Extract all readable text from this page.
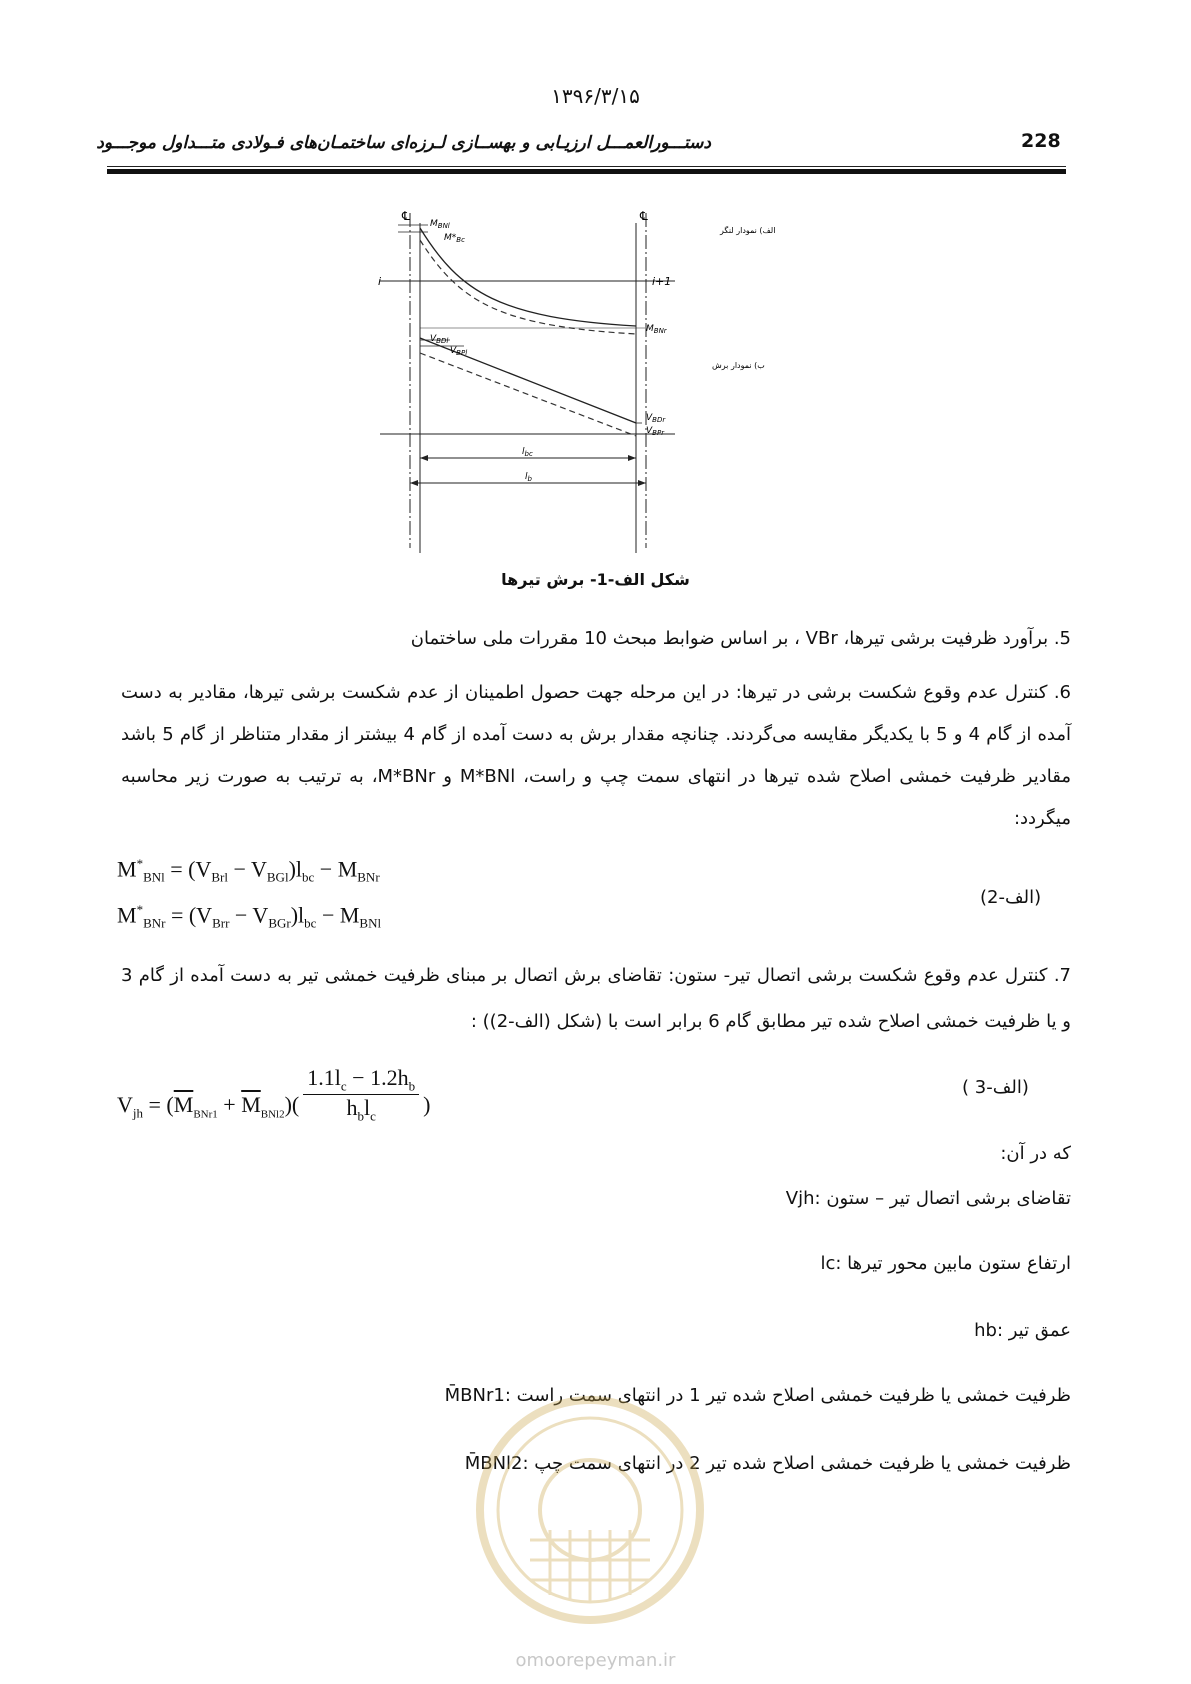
۱۳۹۶/۳/۱۵
دستـــورالعمـــل ارزیـابی و بهســازی لـرزه‌ای ساختمـان‌های فـولادی متـــداول موجـــود	228
℄	℄
i	i+1
$M_{BNl}$
$M*_{Bc}$
$M_{BNr}$
الف) نمودار لنگر
$V_{BDl}$
$V_{BPl}$
ب) نمودار برش
$V_{BDr}$
$V_{BPr}$
$l_{bc}$
$l_b$
شکل الف-1- برش تیرها
5. برآورد ظرفیت برشی تیرها، VBr ، بر اساس ضوابط مبحث 10 مقررات ملی ساختمان
6. کنترل عدم وقوع شکست برشی در تیرها: در این مرحله جهت حصول اطمینان از عدم شکست برشی تیرها، مقادیر به دست آمده از گام 4 و 5 با یکدیگر مقایسه می‌گردند. چنانچه مقدار برش به دست آمده از گام 4 بیشتر از مقدار متناظر از گام 5 باشد مقادیر ظرفیت خمشی اصلاح شده تیرها در انتهای سمت چپ و راست، M*BNl و M*BNr، به ترتیب به صورت زیر محاسبه میگردد:
$M^*_{BNl} = (V_{Brl} - V_{BGl})l_{bc} - M_{BNr}$
$M^*_{BNr} = (V_{Brr} - V_{BGr})l_{bc} - M_{BNl}$
(الف-2)
7. کنترل عدم وقوع شکست برشی اتصال تیر- ستون: تقاضای برش اتصال بر مبنای ظرفیت خمشی تیر به دست آمده از گام 3 و یا ظرفیت خمشی اصلاح شده تیر مطابق گام 6 برابر است با (شکل (الف-2)) :
$V_{jh} = (\overline{M}_{BNr1} + \overline{M}_{BNl2})$(
$1.1l_c - 1.2h_b$
$h_bl_c$	)
(الف-3 )
که در آن:
Vjh: تقاضای برشی اتصال تیر – ستون
lc: ارتفاع ستون مابین محور تیرها
hb: عمق تیر
M̄BNr1: ظرفیت خمشی یا ظرفیت خمشی اصلاح شده تیر 1 در انتهای سمت راست
M̄BNl2: ظرفیت خمشی یا ظرفیت خمشی اصلاح شده تیر 2 در انتهای سمت چپ
omoorepeyman.ir
